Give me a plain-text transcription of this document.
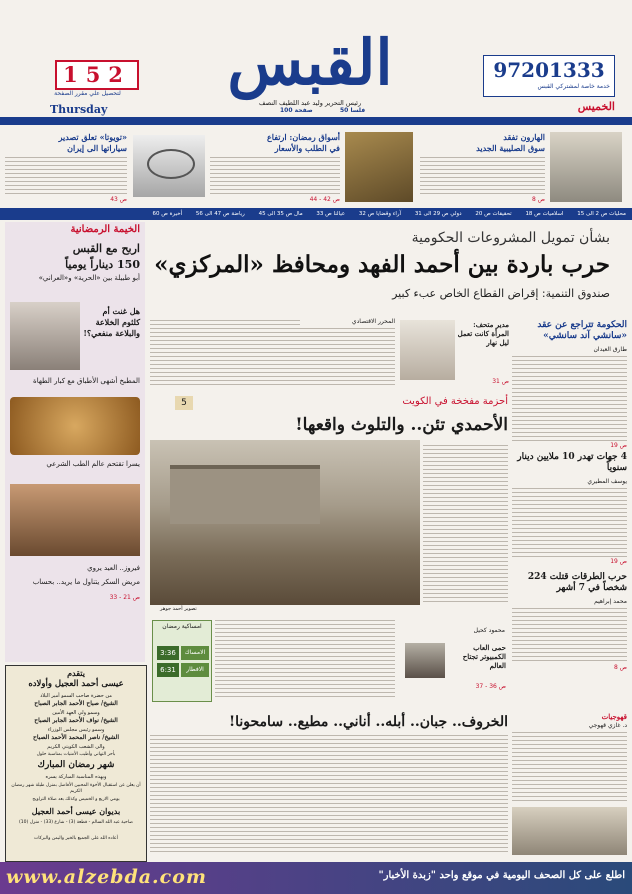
97201333
خدمة خاصة لمشتركي القبس
الخميس
القبس
رئيس التحرير وليد عبد اللطيف النصف
100 صفحة	50 فلسا
152
لتحصيل علي مقرر الصفحة
Thursday
الهارون تفقد
سوق الصليبية الجديد
ص 8
أسواق رمضان: ارتفاع
في الطلب والأسعار
ص 42 - 44
«تويوتا» تعلق تصدير
سياراتها الى إيران
ص 43
محليات ص 2 الى 15 اسلاميات ص 18 تحقيقات ص 20 دولي ص 29 الى 31 آراء وقضايا ص 32 عيالنا ص 33 مال ص 35 الى 45 رياضة ص 47 الى 56 أخيرة ص 60
بشأن تمويل المشروعات الحكومية
حرب باردة بين أحمد الفهد ومحافظ «المركزي»
صندوق التنمية: إقراض القطاع الخاص عبء كبير
المحرر الاقتصادي	مدير متحف: المرأة كانت تعمل ليل نهار
ص 31
الحكومة تتراجع عن عقد «سانشي آند سانشي»
طارق العيدان
ص 19
4 جهات تهدر 10 ملايين دينار سنوياً
يوسف المطيري
ص 19
حرب الطرقات قتلت 224 شخصاً في 7 أشهر
محمد إبراهيم
ص 8
أحزمة مفخخة في الكويت
5
الأحمدي تئن.. والتلوث واقعها!
تصوير أحمد جوهر
الخيمة الرمضانية
اربح مع القبس
150 ديناراً يومياً
أبو طبيلة بين «الحرية» و«العراني»
هل غنت أم كلثوم الخلاعة والبلاعة منفعي؟!
المطبخ أشهى الأطباق مع كبار الطهاة
يسرا تقتحم عالم الطب الشرعي
فيروز.. العيد يروي
مريض السكر يتناول ما يريد.. بحساب
ص 21 - 33
امساكية رمضان
3:36	الامساك
6:31	الافطار
محمود كحيل
حمى العاب الكمبيوتر تجتاح العالم
ص 36 - 37
الخروف.. جبان.. أبله.. أناني.. مطيع.. سامحونا!	قهوجيات
د. غازي قهوجي
يتقدم
عيسى أحمد العجيل وأولاده
من حضرة صاحب السمو أمير البلاد
الشيخ/ صباح الأحمد الجابر الصباح
وسمو ولي العهد الأمين
الشيخ/ نواف الأحمد الجابر الصباح
وسمو رئيس مجلس الوزراء
الشيخ/ ناصر المحمد الأحمد الصباح
والى الشعب الكويتي الكريم
بأحر التهاني وأطيب الأمنيات بمناسبة حلول
شهر رمضان المبارك
وبهذه المناسبة المباركة يسره
أن يعلن عن استقبال الأخوة المحبين الأفاضل بمنزل طيلة شهر رمضان الكريم
يومي الاربع و الخميس وكذلك بعد صلاة التراويح
بديوان عيسى أحمد العجيل
ضاحية عبد الله السالم - قطعة (3) - شارع (33) - منزل (10)
أعاده الله على الجميع بالخير واليمن والبركات
www.alzebda.com	اطلع على كل الصحف اليومية في موقع واحد "زبدة الأخبار"
